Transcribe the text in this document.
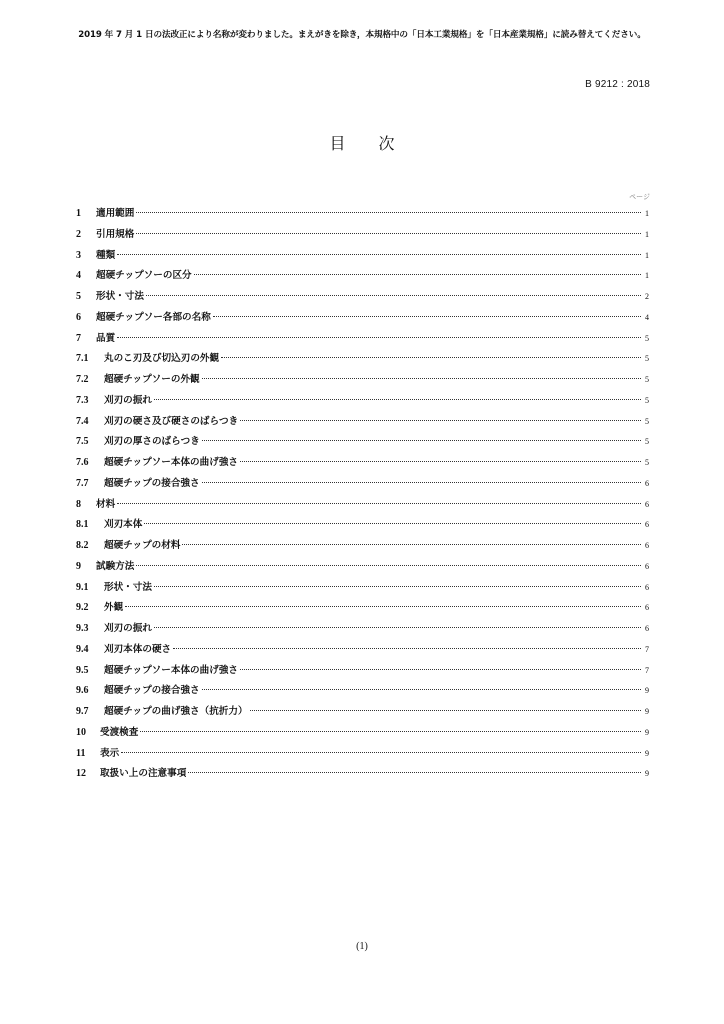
2019 年 7 月 1 日の法改正により名称が変わりました。まえがきを除き，本規格中の「日本工業規格」を「日本産業規格」に読み替えてください。
B 9212 : 2018
目 次
ページ
1	適用範囲	1
2	引用規格	1
3	種類	1
4	超硬チップソーの区分	1
5	形状・寸法	2
6	超硬チップソー各部の名称	4
7	品質	5
7.1	丸のこ刃及び切込刃の外観	5
7.2	超硬チップソーの外観	5
7.3	刈刃の振れ	5
7.4	刈刃の硬さ及び硬さのばらつき	5
7.5	刈刃の厚さのばらつき	5
7.6	超硬チップソー本体の曲げ強さ	5
7.7	超硬チップの接合強さ	6
8	材料	6
8.1	刈刃本体	6
8.2	超硬チップの材料	6
9	試験方法	6
9.1	形状・寸法	6
9.2	外観	6
9.3	刈刃の振れ	6
9.4	刈刃本体の硬さ	7
9.5	超硬チップソー本体の曲げ強さ	7
9.6	超硬チップの接合強さ	9
9.7	超硬チップの曲げ強さ（抗折力）	9
10	受渡検査	9
11	表示	9
12	取扱い上の注意事項	9
(1)
